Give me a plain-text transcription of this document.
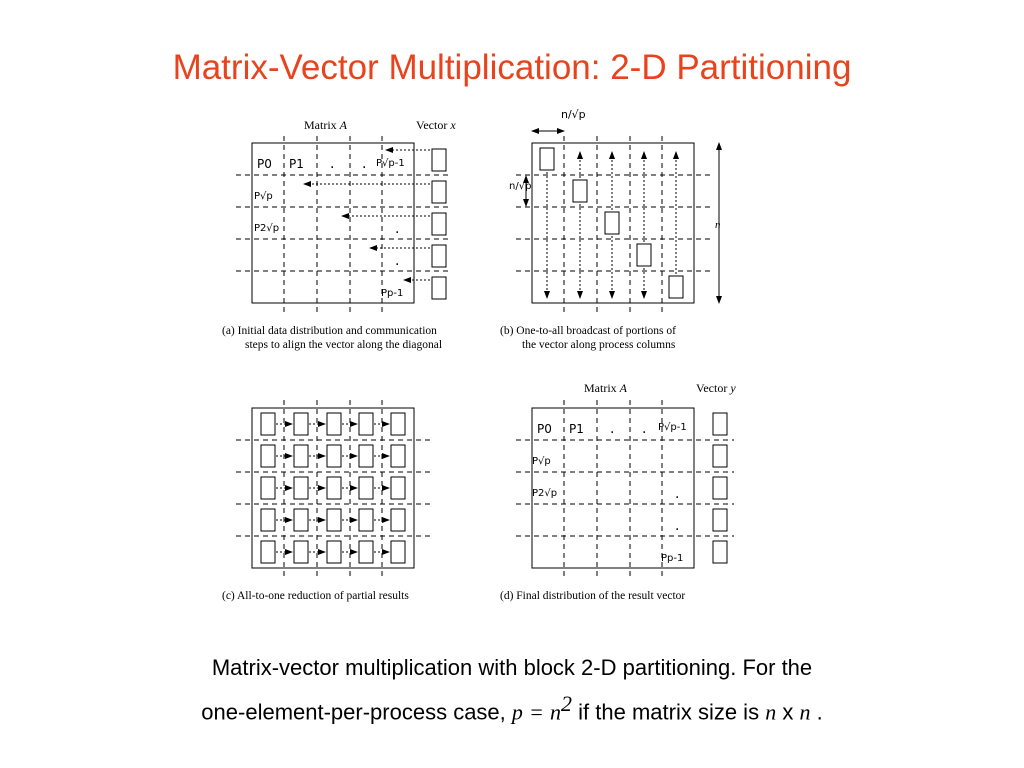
Matrix-Vector Multiplication: 2-D Partitioning
Matrix A	Vector x
P0 P1 . . P√p-1
P√p
P2√p	.
.
Pp-1
(a) Initial data distribution and communication
steps to align the vector along the diagonal
n/√p
n/√p
n
(b) One-to-all broadcast of portions of
the vector along process columns
(c) All-to-one reduction of partial results
Matrix A	Vector y
P0 P1 . . P√p-1
P√p
P2√p	.
.
Pp-1
(d) Final distribution of the result vector
Matrix-vector multiplication with block 2-D partitioning. For the
one-element-per-process case, $p = n^2$ if the matrix size is n x n .
